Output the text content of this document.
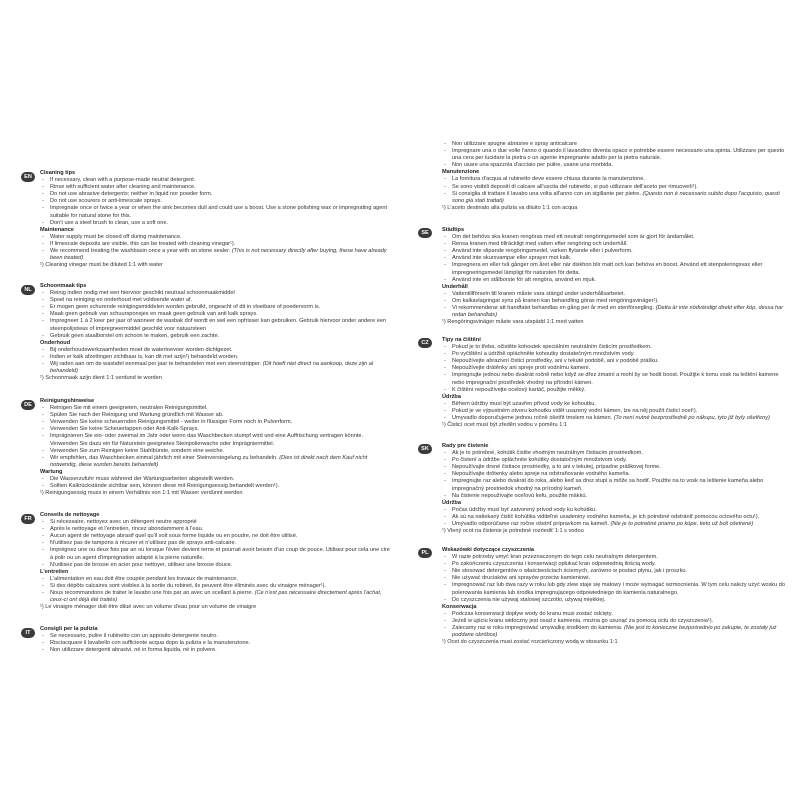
EN
Cleaning tips
- If necessary, clean with a purpose-made neutral detergent.
- Rinse with sufficient water after cleaning and maintenance.
- Do not use abrasive detergents; neither in liquid nor powder form.
- Do not use scourers or anti-limescale sprays.
- Impregnate once or twice a year or when the sink becomes dull and could use a boost. Use a stone polishing wax or impregnating agent suitable for natural stone for this.
- Don't use a steel brush to clean, use a soft one.
Maintenance
- Water supply must be closed off during maintenance.
- If limescale deposits are visible, this can be treated with cleaning vinegar¹).
- We recommend treating the washbasin once a year with an stone sealer. (This is not necessary directly after buying, these have already been treated)
¹) Cleaning vinegar must be diluted 1:1 with water
NL
Schoonmaak tips
- Reinig indien nodig met een hiervoor geschikt neutraal schoonmaakmiddel
- Spoel na reiniging en onderhoud met voldoende water af.
- Er mogen geen schurende reinigingsmiddelen worden gebruikt, ongeacht of dit in vloeibare of poedervorm is.
- Maak geen gebruik van schuursponsjes en maak geen gebruik van anti kalk sprays.
- Impregneer 1 à 2 keer per jaar of wanneer de wasbak dof wordt en wel een opfrisser kan gebruiken. Gebruik hiervoor onder andere een steenpolijstwas of impregneermiddel geschikt voor natuursteen
- Gebruik geen staalborstel om schoon te maken, gebruik een zachte.
Onderhoud
- Bij onderhoudswerkzaamheden moet de watertoevoer worden dichtgezet.
- Indien er kalk afzettingen zichtbaar is, kan dit met azijn¹) behandeld worden.
- Wij raden aan om de wastafel eenmaal per jaar te behandelen met een steenstripper. (Dit hoeft niet direct na aankoop, deze zijn al behandeld)
¹) Schoonmaak azijn dient 1:1 verdund te worden
DE
Reinigungshinweise
- Reinigen Sie mit einem geeigneten, neutralen Reinigungsmittel.
- Spülen Sie nach der Reinigung und Wartung gründlich mit Wasser ab.
- Verwenden Sie keine scheuernden Reinigungsmittel - weder in flüssiger Form noch in Pulverform.
- Verwenden Sie keine Scheuerlappen oder Anti-Kalk-Sprays.
- Imprägnieren Sie ein- oder zweimal im Jahr oder wenn das Waschbecken stumpf wird und eine Auffrischung vertragen könnte. Verwenden Sie dazu ein für Naturstein geeignetes Steinpolierwachs oder Imprägniermittel.
- Verwenden Sie zum Reinigen keine Stahlbürste, sondern eine weiche.
- Wir empfehlen, das Waschbecken einmal jährlich mit einer Steinversiegelung zu behandeln. (Dies ist direkt nach dem Kauf nicht notwendig, diese wurden bereits behandelt)
Wartung
- Die Wasserzufuhr muss während der Wartungsarbeiten abgestellt werden.
- Sollten Kalkrückstände sichtbar sein, können diese mit Reinigungsessig behandelt werden¹).
¹) Reinigungsessig muss in einem Verhältnis von 1:1 mit Wasser verdünnt werden
FR
Conseils de nettoyage
- Si nécessaire, nettoyez avec un détergent neutre approprié
- Après le nettoyage et l'entretien, rincez abondamment à l'eau.
- Aucun agent de nettoyage abrasif quel qu'il soit sous forme liquide ou en poudre, ne doit être utilisé.
- N'utilisez pas de tampons à récurer et n'utilisez pas de sprays anti-calcaire.
- Imprégnez une ou deux fois par an ou lorsque l'évier devient terne et pourrait avoir besoin d'un coup de pouce. Utilisez pour cela une cire à polir ou un agent d'imprégnation adapté à la pierre naturelle.
- N'utilisez pas de brosse en acier pour nettoyer, utilisez une brosse douce.
L'entretien
- L'alimentation en eau doit être coupée pendant les travaux de maintenance.
- Si des dépôts calcaires sont visibles à la sortie du robinet, ils peuvent être éliminés avec du vinaigre ménager¹).
- Nous recommandons de traiter le lavabo une fois par an avec un scellant à pierre. (Ce n'est pas nécessaire directement après l'achat, ceux-ci ont déjà été traités)
¹) Le vinaigre ménager doit être dilué avec un volume d'eau pour un volume de vinaigre
IT
Consigli per la pulizia
- Se necessario, pulire il rubinetto con un apposito detergente neutro.
- Risciacquare il lavabello con sufficiente acqua dopo la pulizia e la manutenzione.
- Non utilizzare detergenti abrasivi, né in forma liquida, né in polvere.
- Non utilizzare spugne abrasive e spray anticalcare
- Impregnare una o due volte l'anno o quando il lavandino diventa opaco e potrebbe essere necessario una spinta. Utilizzare per questo una cera per lucidare la pietra o un agente impregnante adatto per la pietra naturale.
- Non usare una spazzola d'acciaio per pulire, usane una morbida.
Manutenzione
- La fornitura d'acqua al rubinetto deve essere chiusa durante la manutenzione.
- Se sono visibili depositi di calcare all'uscita del rubinetto, si può utilizzare dell'aceto per rimuoverli¹).
- Si consiglia di trattare il lavabo una volta all'anno con un sigillante per pietre. (Questo non è necessario subito dopo l'acquisto, questi sono già stati trattati)
¹) L'aceto destinato alla pulizia va diluito 1:1 con acqua
SE	Städtips
- Om det behövs ska kranen rengöras med ett neutralt rengöringsmedel som är gjort för ändamålet.
- Rensa kranen med tillräckligt med vatten efter rengöring och underhåll.
- Använd inte slipande rengöringsmedel, varken flytande eller i pulverform.
- Använd inte skursvampar eller sprayer mot kalk.
- Impregnera en eller två gånger om året eller när diskhon blir matt och kan behöva en boost. Använd ett stenpoleringsvax eller impregneringsmedel lämpligt för natursten för detta.
- Använd inte en stålborste för att rengöra, använd en mjuk.
Underhåll
- Vattentillförseln till kranen måste vara stängd under underhållsarbetet.
- Om kalkavlagringar syns på kranen kan behandling göras med rengöringsvinäger¹).
- Vi rekommenderar att handfatet behandlas en gång per år med en stenförsegling. (Detta är inte nödvändigt direkt efter köp, dessa har redan behandlats)
¹) Rengöringsvinäger måste vara utspädd 1:1 med vatten
CZ	Tipy na čištění
- Pokud je to třeba, očistěte kohoutek speciálním neutrálním čisticím prostředkem.
- Po vyčištění a údržbě opláchněte kohoutky dostatečným množstvím vody.
- Nepoužívejte abrazivní čisticí prostředky, ani v tekuté podobě, ani v podobě prášku.
- Nepoužívejte drátěnky ani spreje proti vodnímu kameni.
- Impregnujte jednou nebo dvakrát ročně nebo když se dřez zmatní a mohl by se hodit boost. Použijte k tomu vosk na leštění kamene nebo impregnační prostředek vhodný na přírodní kámen.
- K čištění nepoužívejte ocelový kartáč, použijte měkký.
Údržba
- Během údržby musí být uzavřen přívod vody ke kohoutku.
- Pokud je ve výpustném otvoru kohoutku vidět usazený vodní kámen, lze na něj použít čisticí ocet¹).
- Umyvadlo doporučujeme jednou ročně ošetřit tmelem na kámen. (To není nutné bezprostředně po nákupu, tyto již byly ošetřeny)
¹) Čisticí ocet musí být zředěn vodou v poměru 1:1
SK	Rady pre čistenie
- Ak je to potrebné, kohútik čistite vhodným neutrálnym čistiacim prostriedkom.
- Po čistení a údržbe opláchnite kohútiky dostatočným množstvom vody.
- Nepoužívajte drsné čistiace prostriedky, a to ani v tekutej, prípadne práškovej forme.
- Nepoužívajte drôtenky alebo spreje na odstraňovanie vodného kameňa.
- Impregnujte raz alebo dvakrát do roka, alebo keď sa drez stupí a môže sa hodiť. Použite na to vosk na leštenie kameňa alebo impregnačný prostriedok vhodný na prírodný kameň.
- Na čistenie nepoužívajte oceľovú kefu, použite mäkkú.
Údržba
- Počas údržby musí byť zatvorený prívod vody ku kohútiku.
- Ak sú na natiekaný čistič kohútika viditeľné usadeniny vodného kameňa, je ich potrebné odstrániť pomocou octového octu¹).
- Umývadlo odporúčame raz ročne ošetriť prípravkom na kameň. (Nie je to potrebné priamo po kúpe, tieto už boli ošetrené)
¹) Vlený ocot na čistenie je potrebné rozriediť 1:1 s vodou
PL	Wskazówki dotyczące czyszczenia
- W razie potrzeby umyć kran przeznaczonym do tego celu neutralnym detergentem.
- Po zakończeniu czyszczenia i konserwacji opłukać kran odpowiednią ilością wody.
- Nie stosować detergentów o właściwościach ściernych, zarówno w postaci płynu, jak i proszku.
- Nie używać druciaków ani sprayów przeciw kamieniowi.
- Impregnować raz lub dwa razy w roku lub gdy zlew staje się matowy i może wymagać wzmocnienia. W tym celu należy użyć wosku do polerowania kamienia lub środka impregnującego odpowiedniego do kamienia naturalnego.
- Do czyszczenia nie używaj stalowej szczotki, używaj miękkiej.
Konserwacja
- Podczas konserwacji dopływ wody do kranu musi zostać odcięty.
- Jeżeli w ujściu kranu widoczny jest osad z kamienia, można go usunąć za pomocą octu do czyszczenia¹).
- Zalecamy raz w roku impregnować umywalkę środkiem do kamienia. (Nie jest to konieczne bezpośrednio po zakupie, te zostały już poddane obróbce)
¹) Ocet do czyszczenia musi zostać rozcieńczony wodą w stosunku 1:1
